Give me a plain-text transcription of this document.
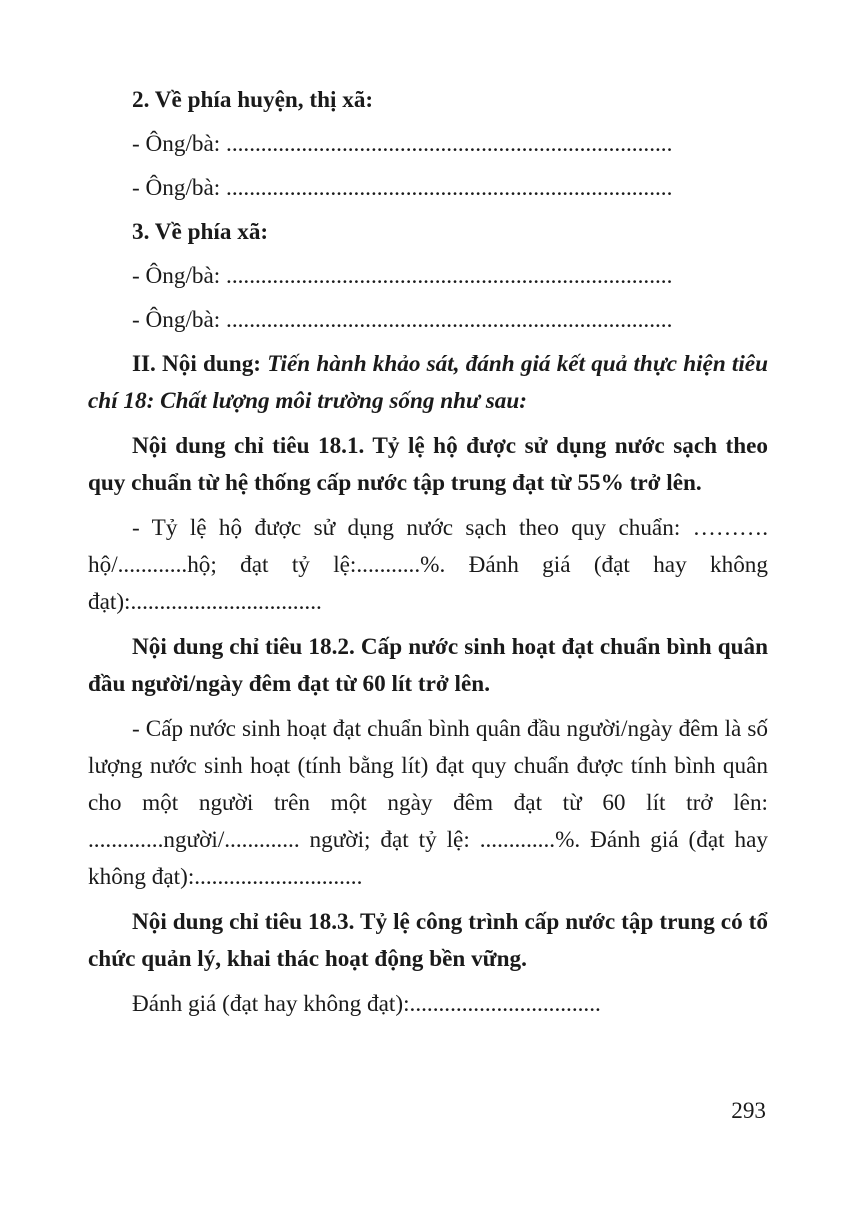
2. Về phía huyện, thị xã:

- Ông/bà: .............................................................................

- Ông/bà: .............................................................................

3. Về phía xã:

- Ông/bà: .............................................................................

- Ông/bà: .............................................................................

II. Nội dung: Tiến hành khảo sát, đánh giá kết quả thực hiện tiêu chí 18: Chất lượng môi trường sống như sau:

Nội dung chỉ tiêu 18.1. Tỷ lệ hộ được sử dụng nước sạch theo quy chuẩn từ hệ thống cấp nước tập trung đạt từ 55% trở lên.

- Tỷ lệ hộ được sử dụng nước sạch theo quy chuẩn: ………. hộ/............hộ; đạt tỷ lệ:...........%. Đánh giá (đạt hay không đạt):.................................

Nội dung chỉ tiêu 18.2. Cấp nước sinh hoạt đạt chuẩn bình quân đầu người/ngày đêm đạt từ 60 lít trở lên.

- Cấp nước sinh hoạt đạt chuẩn bình quân đầu người/ngày đêm là số lượng nước sinh hoạt (tính bằng lít) đạt quy chuẩn được tính bình quân cho một người trên một ngày đêm đạt từ 60 lít trở lên: .............người/............. người; đạt tỷ lệ: .............%. Đánh giá (đạt hay không đạt):.............................

Nội dung chỉ tiêu 18.3. Tỷ lệ công trình cấp nước tập trung có tổ chức quản lý, khai thác hoạt động bền vững.

Đánh giá (đạt hay không đạt):.................................

293
